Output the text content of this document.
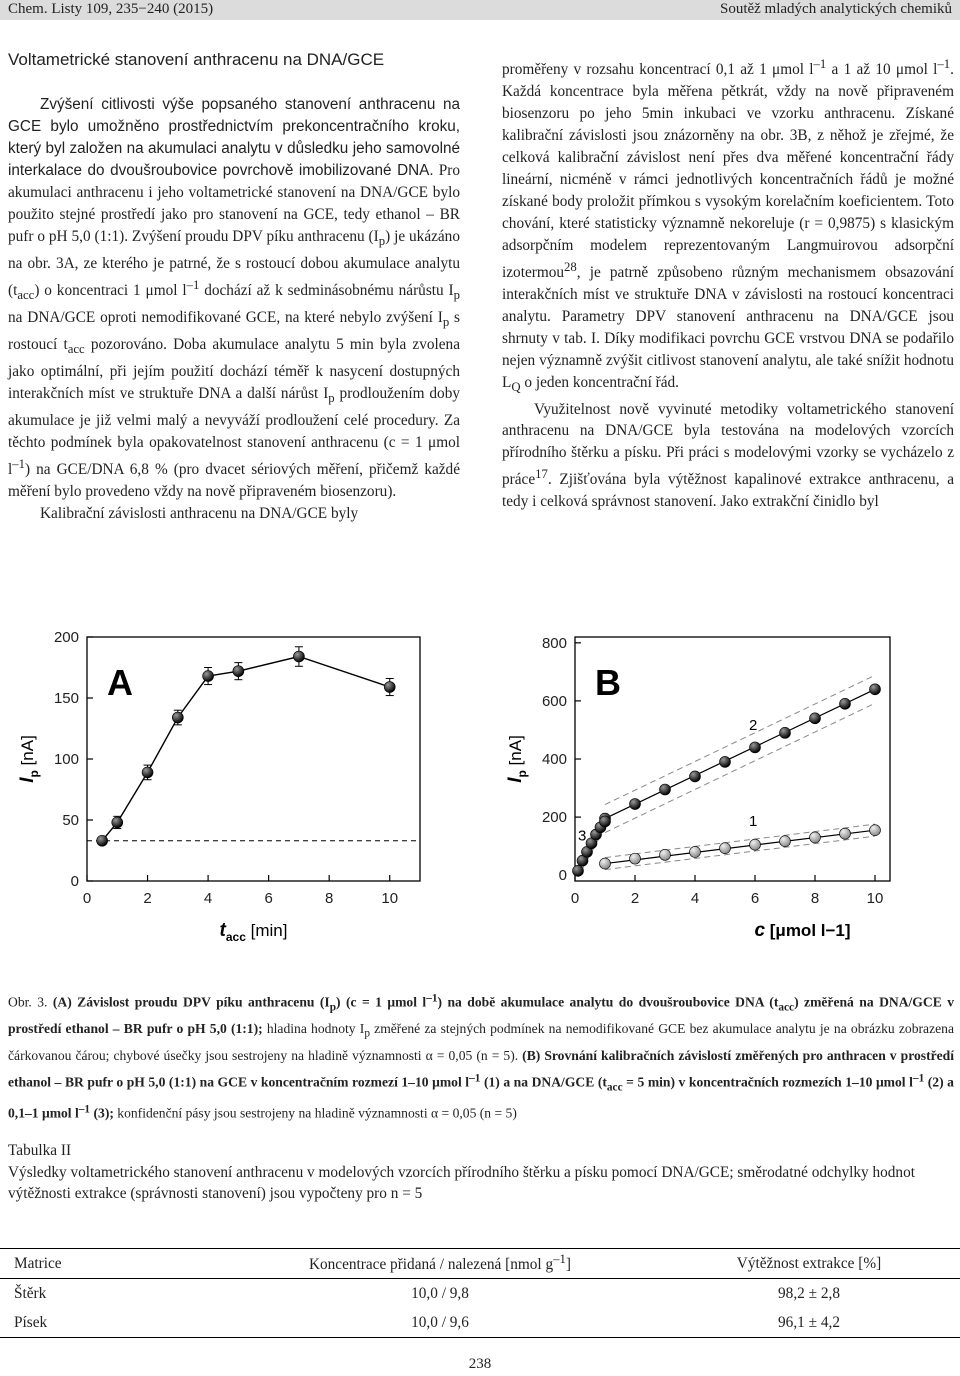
Chem. Listy 109, 235−240 (2015)	Soutěž mladých analytických chemiků
Voltametrické stanovení anthracenu na DNA/GCE

Zvýšení citlivosti výše popsaného stanovení anthracenu na GCE bylo umožněno prostřednictvím prekoncentračního kroku, který byl založen na akumulaci analytu v důsledku jeho samovolné interkalace do dvoušroubovice povrchově imobilizované DNA. Pro akumulaci anthracenu i jeho voltametrické stanovení na DNA/GCE bylo použito stejné prostředí jako pro stanovení na GCE, tedy ethanol – BR pufr o pH 5,0 (1:1). Zvýšení proudu DPV píku anthracenu $(I_p)$ je ukázáno na obr. 3A, ze kterého je patrné, že s rostoucí dobou akumulace analytu $(t_{acc})$ o koncentraci 1 μmol $l^{-1}$ dochází až k sedminásobnému nárůstu $I_p$ na DNA/GCE oproti nemodifikované GCE, na které nebylo zvýšení $I_p$ s rostoucí $t_{acc}$ pozorováno. Doba akumulace analytu 5 min byla zvolena jako optimální, při jejím použití dochází téměř k nasycení dostupných interakčních míst ve struktuře DNA a další nárůst $I_p$ prodloužením doby akumulace je již velmi malý a nevyváží prodloužení celé procedury. Za těchto podmínek byla opakovatelnost stanovení anthracenu (c = 1 μmol $l^{-1}$) na GCE/DNA 6,8 % (pro dvacet sériových měření, přičemž každé měření bylo provedeno vždy na nově připraveném biosenzoru).

Kalibrační závislosti anthracenu na DNA/GCE byly

proměřeny v rozsahu koncentrací 0,1 až 1 μmol $l^{-1}$ a 1 až 10 μmol $l^{-1}$. Každá koncentrace byla měřena pětkrát, vždy na nově připraveném biosenzoru po jeho 5min inkubaci ve vzorku anthracenu. Získané kalibrační závislosti jsou znázorněny na obr. 3B, z něhož je zřejmé, že celková kalibrační závislost není přes dva měřené koncentrační řády lineární, nicméně v rámci jednotlivých koncentračních řádů je možné získané body proložit přímkou s vysokým korelačním koeficientem. Toto chování, které statisticky významně nekoreluje (r = 0,9875) s klasickým adsorpčním modelem reprezentovaným Langmuirovou adsorpční izotermou$^{28}$, je patrně způsobeno různým mechanismem obsazování interakčních míst ve struktuře DNA v závislosti na rostoucí koncentraci analytu. Parametry DPV stanovení anthracenu na DNA/GCE jsou shrnuty v tab. I. Díky modifikaci povrchu GCE vrstvou DNA se podařilo nejen významně zvýšit citlivost stanovení analytu, ale také snížit hodnotu $L_Q$ o jeden koncentrační řád.

Využitelnost nově vyvinuté metodiky voltametrického stanovení anthracenu na DNA/GCE byla testována na modelových vzorcích přírodního štěrku a písku. Při práci s modelovými vzorky se vycházelo z práce$^{17}$. Zjišťována byla výtěžnost kapalinové extrakce anthracenu, a tedy i celková správnost stanovení. Jako extrakční činidlo byl

0	2	4	6	8	10
0
50
100
150
200
A
$I_p$ [nA]
$t_{acc}$ [min]
0	2	4	6	8	10
0
200
400
600
800
B
$I_p$ [nA]
1
2
3
c [μmol l−1]
Obr. 3. (A) Závislost proudu DPV píku anthracenu $(I_p) (c = 1$ μmol $l^{-1}$) na době akumulace analytu do dvoušroubovice DNA $(t_{acc})$ změřená na DNA/GCE v prostředí ethanol – BR pufr o pH 5,0 (1:1); hladina hodnoty $I_p$ změřené za stejných podmínek na nemodifikované GCE bez akumulace analytu je na obrázku zobrazena čárkovanou čárou; chybové úsečky jsou sestrojeny na hladině významnosti α = 0,05 (n = 5). (B) Srovnání kalibračních závislostí změřených pro anthracen v prostředí ethanol – BR pufr o pH 5,0 (1:1) na GCE v koncentračním rozmezí 1–10 μmol $l^{-1}$ (1) a na DNA/GCE ($t_{acc} = 5$ min) v koncentračních rozmezích 1–10 μmol $l^{-1}$ (2) a 0,1–1 μmol $l^{-1}$ (3); konfidenční pásy jsou sestrojeny na hladině významnosti α = 0,05 (n = 5)
Tabulka II
Výsledky voltametrického stanovení anthracenu v modelových vzorcích přírodního štěrku a písku pomocí DNA/GCE; směrodatné odchylky hodnot výtěžnosti extrakce (správnosti stanovení) jsou vypočteny pro n = 5
Matrice	Koncentrace přidaná / nalezená [nmol $g^{-1}$]	Výtěžnost extrakce [%]
Štěrk	10,0 / 9,8	98,2 ± 2,8
Písek	10,0 / 9,6	96,1 ± 4,2
238
